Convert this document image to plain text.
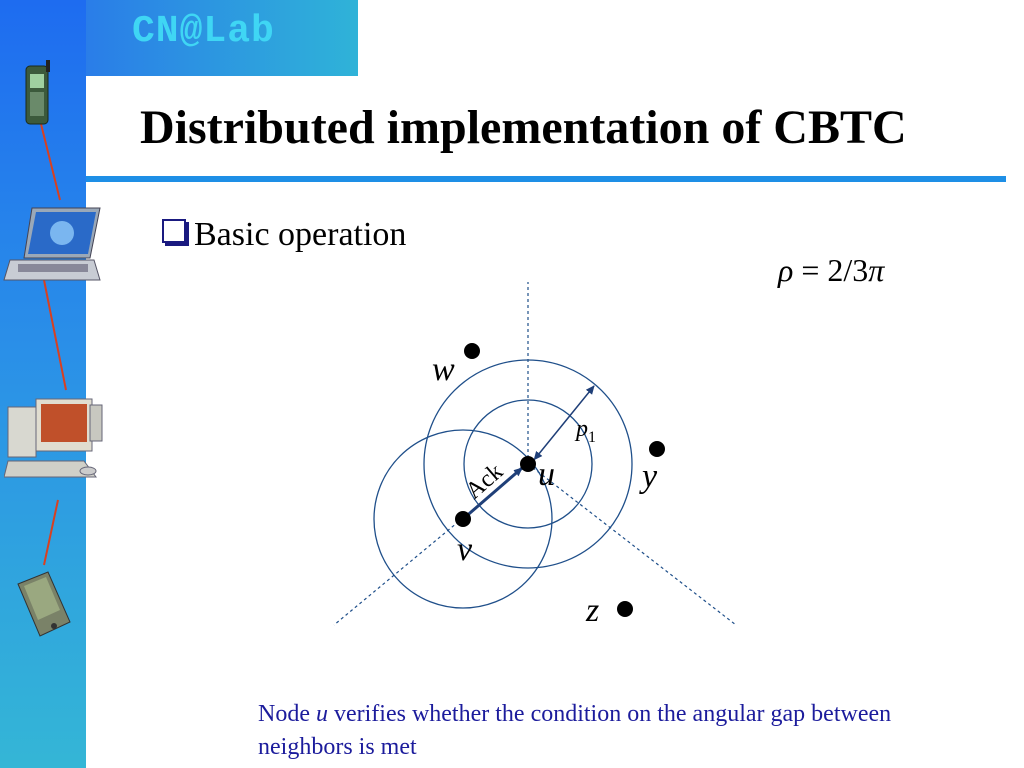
CN@Lab
Distributed implementation of CBTC
Basic operation
ρ = 2/3π
u
v
w
y
z
$p_1$
Ack
Node u verifies whether the condition on the angular gap between neighbors is met
